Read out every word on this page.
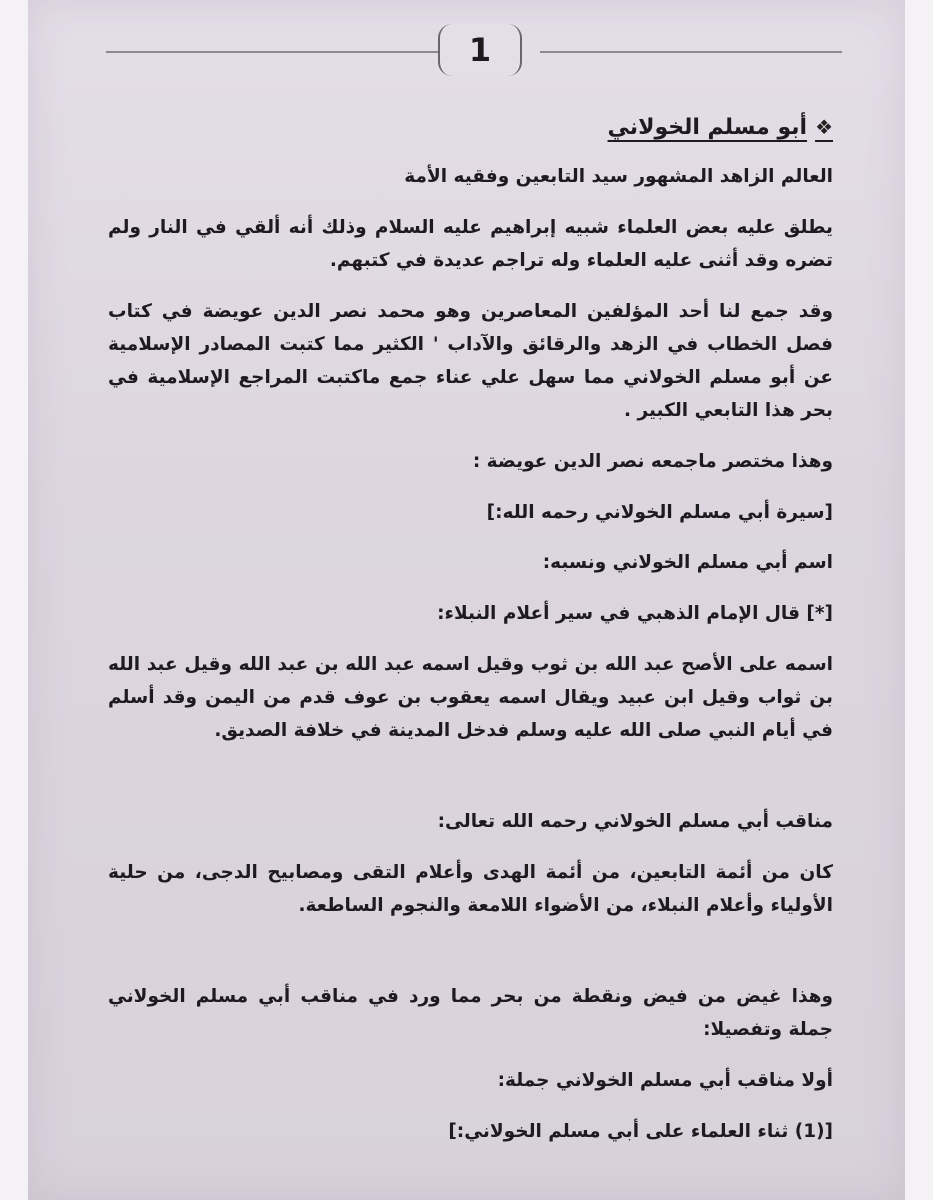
1
❖
أبو مسلم الخولاني

العالم الزاهد المشهور سيد التابعين وفقيه الأمة

يطلق عليه بعض العلماء شبيه إبراهيم عليه السلام وذلك أنه ألقي في النار ولم تضره وقد أثنى عليه العلماء وله تراجم عديدة في كتبهم.

وقد جمع لنا أحد المؤلفين المعاصرين وهو محمد نصر الدين عويضة في كتاب فصل الخطاب في الزهد والرقائق والآداب ' الكثير مما كتبت المصادر الإسلامية عن أبو مسلم الخولاني مما سهل علي عناء جمع ماكتبت المراجع الإسلامية في بحر هذا التابعي الكبير .

وهذا مختصر ماجمعه نصر الدين عويضة :

[سيرة أبي مسلم الخولاني رحمه الله:]

اسم أبي مسلم الخولاني ونسبه:

[*] قال الإمام الذهبي في سير أعلام النبلاء:

اسمه على الأصح عبد الله بن ثوب وقيل اسمه عبد الله بن عبد الله وقيل عبد الله بن ثواب وقيل ابن عبيد ويقال اسمه يعقوب بن عوف قدم من اليمن وقد أسلم في أيام النبي صلى الله عليه وسلم فدخل المدينة في خلافة الصديق.

مناقب أبي مسلم الخولاني رحمه الله تعالى:

كان من أئمة التابعين، من أئمة الهدى وأعلام التقى ومصابيح الدجى، من حلية الأولياء وأعلام النبلاء، من الأضواء اللامعة والنجوم الساطعة.

وهذا غيض من فيض ونقطة من بحر مما ورد في مناقب أبي مسلم الخولاني جملة وتفصيلا:

أولا مناقب أبي مسلم الخولاني جملة:

[(1) ثناء العلماء على أبي مسلم الخولاني:]
